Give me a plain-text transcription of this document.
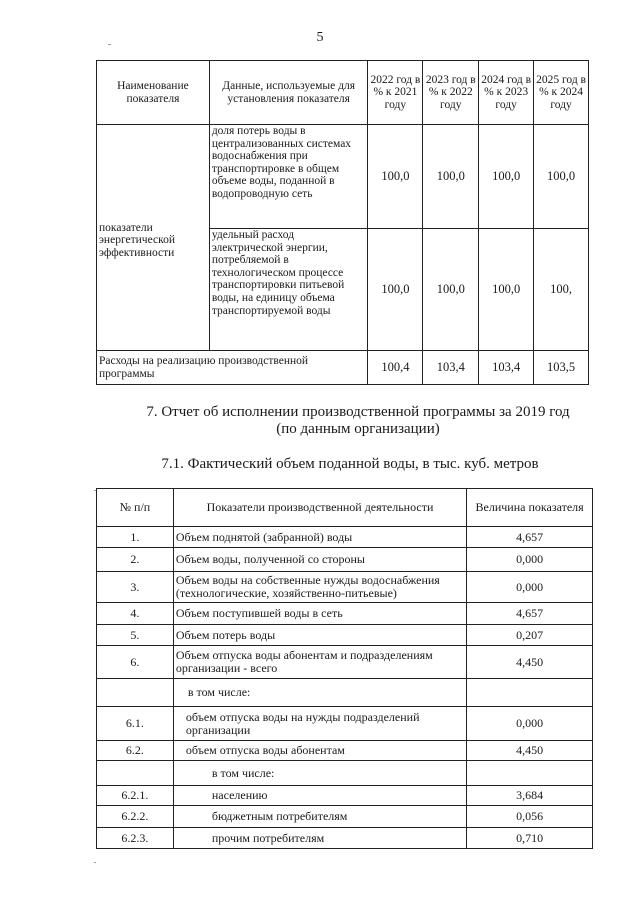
5
Наименование показателя	Данные, используемые для установления показателя	2022 год в % к 2021 году	2023 год в % к 2022 году	2024 год в % к 2023 году	2025 год в % к 2024 году
показатели энергетической эффективности	доля потерь воды в централизованных системах водоснабжения при транспортировке в общем объеме воды, поданной в водопроводную сеть	100,0	100,0	100,0	100,0
	удельный расход электрической энергии, потребляемой в технологическом процессе транспортировки питьевой воды, на единицу объема транспортируемой воды	100,0	100,0	100,0	100,
Расходы на реализацию производственной программы		100,4	103,4	103,4	103,5
7. Отчет об исполнении производственной программы за 2019 год
(по данным организации)
7.1. Фактический объем поданной воды, в тыс. куб. метров
№ п/п	Показатели производственной деятельности	Величина показателя
1.	Объем поднятой (забранной) воды	4,657
2.	Объем воды, полученной со стороны	0,000
3.	Объем воды на собственные нужды водоснабжения (технологические, хозяйственно-питьевые)	0,000
4.	Объем поступившей воды в сеть	4,657
5.	Объем потерь воды	0,207
6.	Объем отпуска воды абонентам и подразделениям организации - всего	4,450
	в том числе:	
6.1.	объем отпуска воды на нужды подразделений организации	0,000
6.2.	объем отпуска воды абонентам	4,450
	в том числе:	
6.2.1.	населению	3,684
6.2.2.	бюджетным потребителям	0,056
6.2.3.	прочим потребителям	0,710
